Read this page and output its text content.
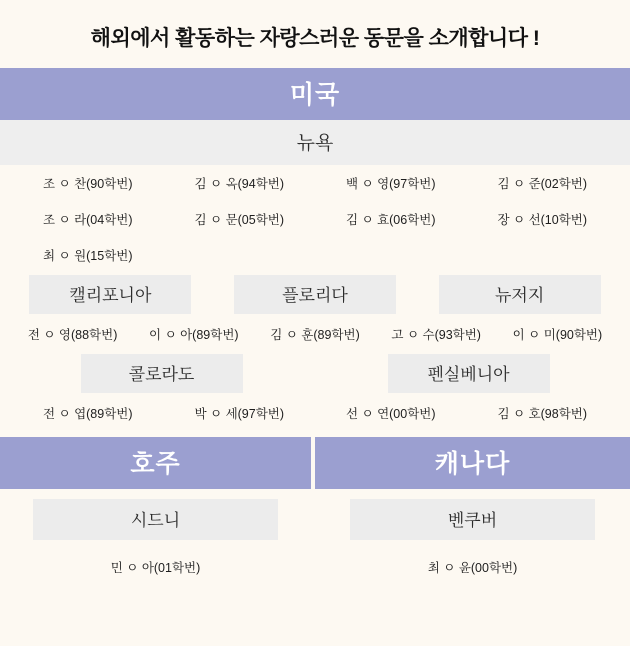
해외에서 활동하는 자랑스러운 동문을 소개합니다 !
미국
뉴욕
조 ㅇ 찬(90학번)	김 ㅇ 옥(94학번)	백 ㅇ 영(97학번)	김 ㅇ 준(02학번)
조 ㅇ 라(04학번)	김 ㅇ 문(05학번)	김 ㅇ 효(06학번)	장 ㅇ 선(10학번)
최 ㅇ 원(15학번)
캘리포니아	플로리다	뉴저지
전 ㅇ 영(88학번)	이 ㅇ 아(89학번)	김 ㅇ 훈(89학번)	고 ㅇ 수(93학번)	이 ㅇ 미(90학번)
콜로라도	펜실베니아
전 ㅇ 엽(89학번)	박 ㅇ 세(97학번)	선 ㅇ 연(00학번)	김 ㅇ 호(98학번)
호주
시드니
민 ㅇ 아(01학번)
캐나다
벤쿠버
최 ㅇ 윤(00학번)
